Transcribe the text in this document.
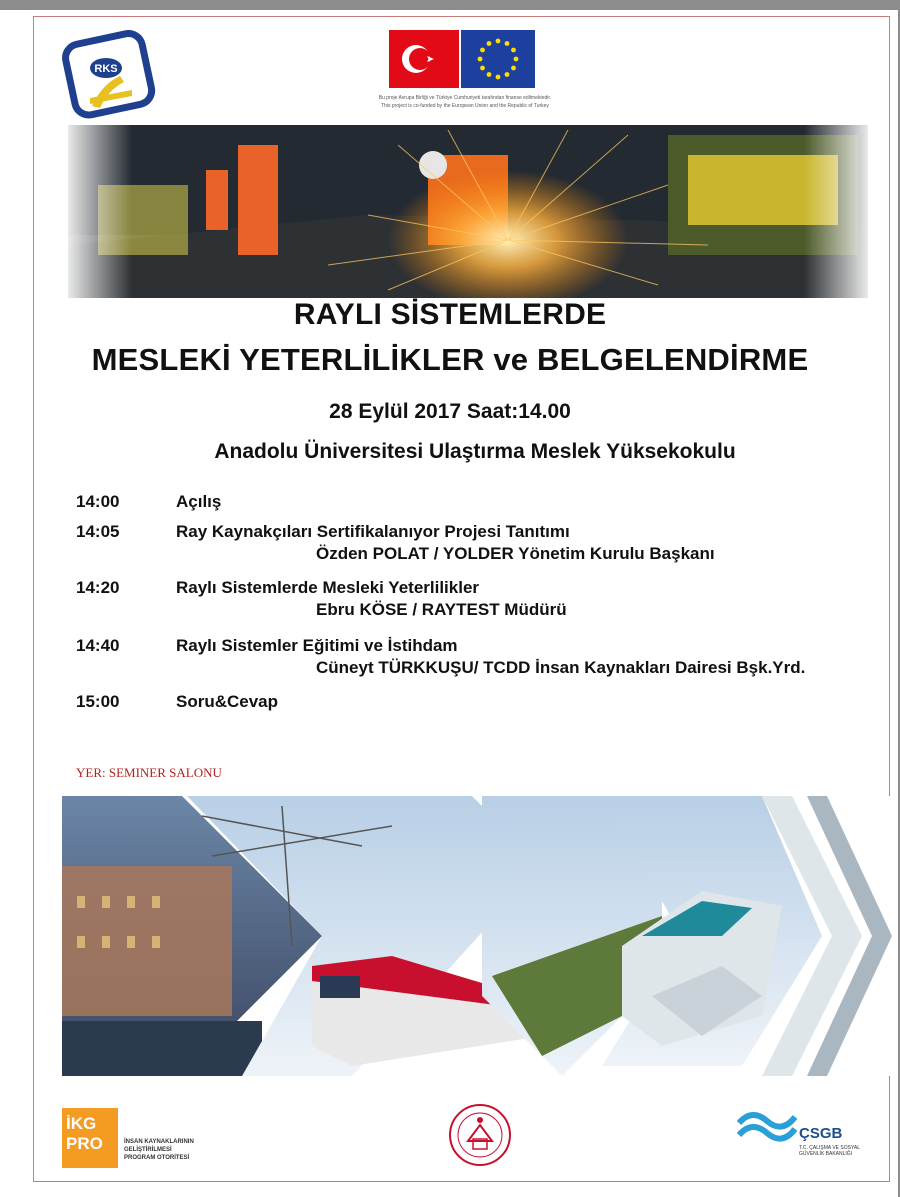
RKS
Bu proje Avrupa Birliği ve Türkiye Cumhuriyeti tarafından finanse edilmektedir.
This project is co-funded by the European Union and the Republic of Turkey
RAYLI SİSTEMLERDE
MESLEKİ YETERLİLİKLER ve BELGELENDİRME
28 Eylül 2017 Saat:14.00
Anadolu Üniversitesi Ulaştırma Meslek Yüksekokulu
14:00	Açılış
14:05	Ray Kaynakçıları Sertifikalanıyor Projesi Tanıtımı
Özden POLAT / YOLDER Yönetim Kurulu Başkanı
14:20	Raylı Sistemlerde Mesleki Yeterlilikler
Ebru KÖSE / RAYTEST Müdürü
14:40	Raylı Sistemler Eğitimi ve İstihdam
Cüneyt TÜRKKUŞU/ TCDD İnsan Kaynakları Dairesi Bşk.Yrd.
15:00	Soru&Cevap
YER: SEMINER SALONU
İKG
PRO	İNSAN KAYNAKLARININ
GELİŞTİRİLMESİ
PROGRAM OTORİTESİ
ÇSGB
T.C. ÇALIŞMA VE SOSYAL GÜVENLİK BAKANLIĞI
